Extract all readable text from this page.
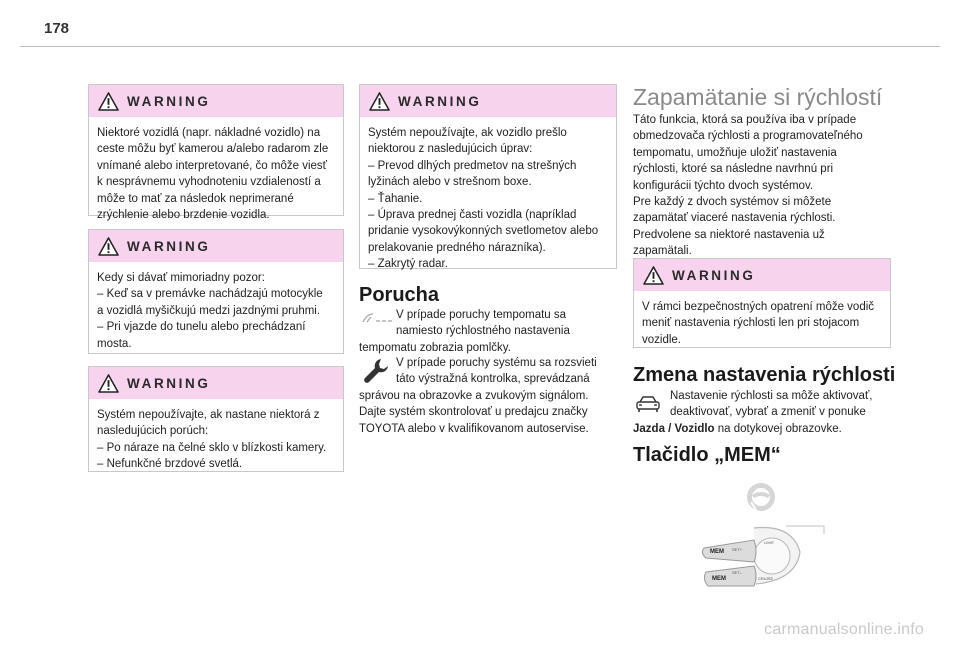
178
WARNING

Niektoré vozidlá (napr. nákladné vozidlo) na

ceste môžu byť kamerou a/alebo radarom zle

vnímané alebo interpretované, čo môže viesť

k nesprávnemu vyhodnoteniu vzdialeností a

môže to mať za následok neprimerané

zrýchlenie alebo brzdenie vozidla.

WARNING

Kedy si dávať mimoriadny pozor:

– Keď sa v premávke nachádzajú motocykle

a vozidlá myšičkujú medzi jazdnými pruhmi.

– Pri vjazde do tunelu alebo prechádzaní

mosta.

WARNING

Systém nepoužívajte, ak nastane niektorá z

nasledujúcich porúch:

– Po náraze na čelné sklo v blízkosti kamery.

– Nefunkčné brzdové svetlá.

WARNING

Systém nepoužívajte, ak vozidlo prešlo

niektorou z nasledujúcich úprav:

– Prevod dlhých predmetov na strešných

lyžinách alebo v strešnom boxe.

– Ťahanie.

– Úprava prednej časti vozidla (napríklad

pridanie vysokovýkonných svetlometov alebo

prelakovanie predného nárazníka).

– Zakrytý radar.

Porucha

V prípade poruchy tempomatu sa

namiesto rýchlostného nastavenia

tempomatu zobrazia pomlčky.

V prípade poruchy systému sa rozsvieti

táto výstražná kontrolka, sprevádzaná

správou na obrazovke a zvukovým signálom.

Dajte systém skontrolovať u predajcu značky

TOYOTA alebo v kvalifikovanom autoservise.

Zapamätanie si rýchlostí

Táto funkcia, ktorá sa používa iba v prípade

obmedzovača rýchlosti a programovateľného

tempomatu, umožňuje uložiť nastavenia

rýchlosti, ktoré sa následne navrhnú pri

konfigurácii týchto dvoch systémov.

Pre každý z dvoch systémov si môžete

zapamätať viaceré nastavenia rýchlosti.

Predvolene sa niektoré nastavenia už

zapamätali.

WARNING

V rámci bezpečnostných opatrení môže vodič

meniť nastavenia rýchlosti len pri stojacom

vozidle.

Zmena nastavenia rýchlosti

Nastavenie rýchlosti sa môže aktivovať,

deaktivovať, vybrať a zmeniť v ponuke

Jazda / Vozidlo na dotykovej obrazovke.

Tlačidlo „MEM“
MEM
MEM
SET+
SET–
LIMIT
CRUISE
carmanualsonline.info
